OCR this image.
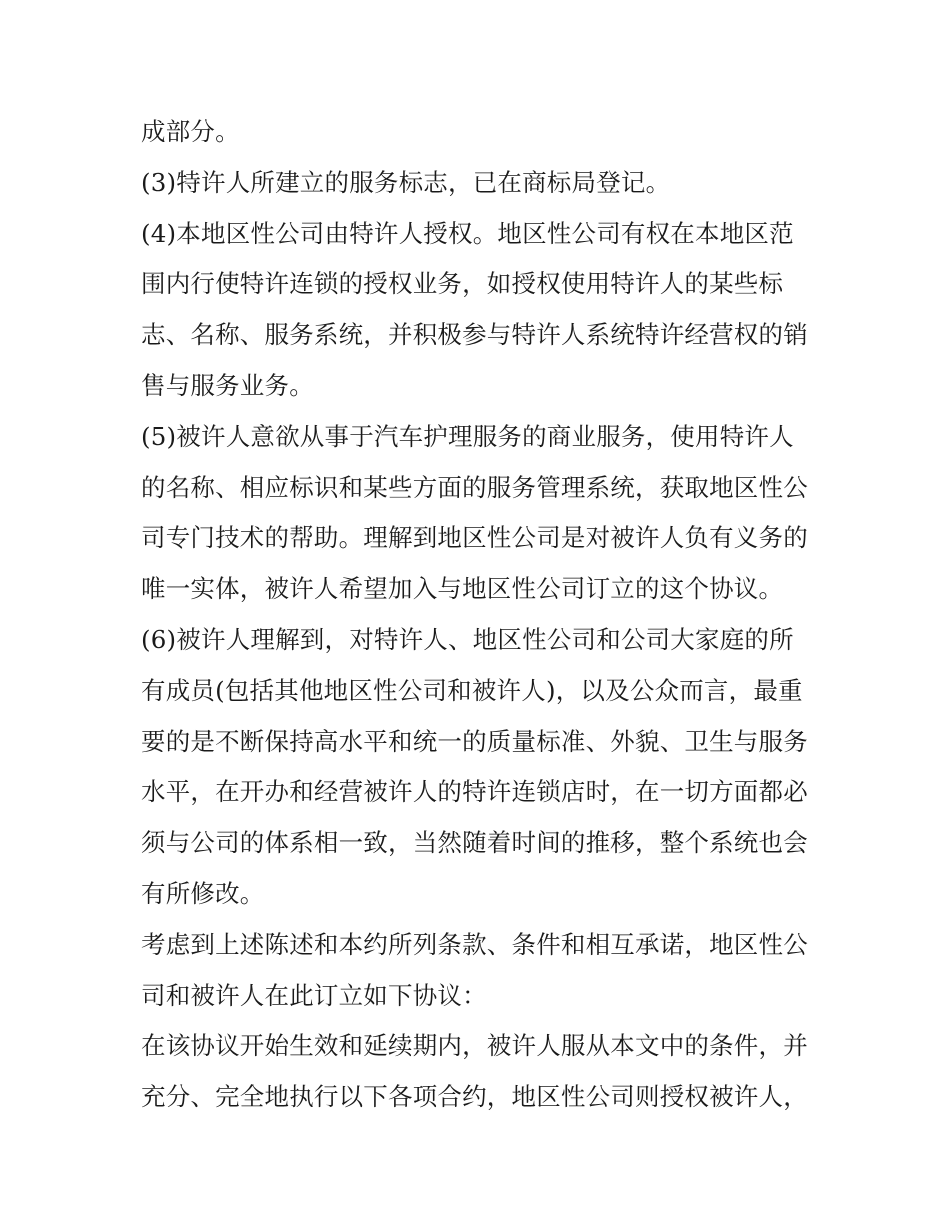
成部分。
(3)特许人所建立的服务标志，已在商标局登记。
(4)本地区性公司由特许人授权。地区性公司有权在本地区范
围内行使特许连锁的授权业务，如授权使用特许人的某些标
志、名称、服务系统，并积极参与特许人系统特许经营权的销
售与服务业务。
(5)被许人意欲从事于汽车护理服务的商业服务，使用特许人
的名称、相应标识和某些方面的服务管理系统，获取地区性公
司专门技术的帮助。理解到地区性公司是对被许人负有义务的
唯一实体，被许人希望加入与地区性公司订立的这个协议。
(6)被许人理解到，对特许人、地区性公司和公司大家庭的所
有成员(包括其他地区性公司和被许人)，以及公众而言，最重
要的是不断保持高水平和统一的质量标准、外貌、卫生与服务
水平，在开办和经营被许人的特许连锁店时，在一切方面都必
须与公司的体系相一致，当然随着时间的推移，整个系统也会
有所修改。
考虑到上述陈述和本约所列条款、条件和相互承诺，地区性公
司和被许人在此订立如下协议：
在该协议开始生效和延续期内，被许人服从本文中的条件，并
充分、完全地执行以下各项合约，地区性公司则授权被许人，
